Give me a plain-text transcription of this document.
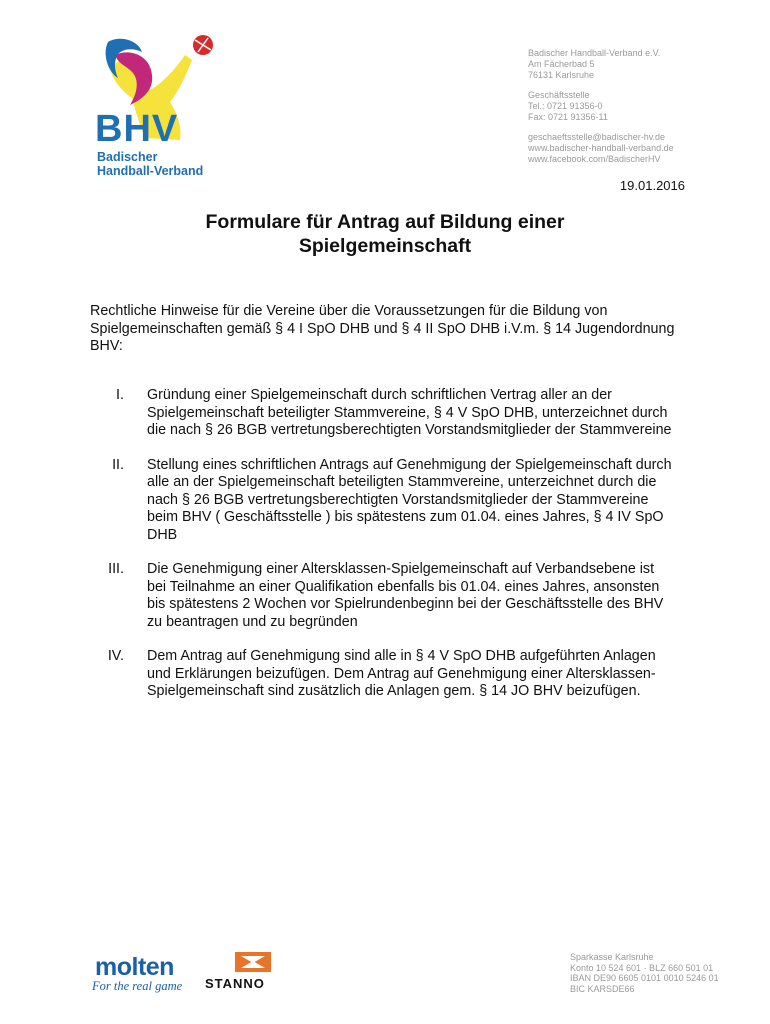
BHV
Badischer
Handball-Verband
Badischer Handball-Verband e.V.
Am Fächerbad 5
76131 Karlsruhe
Geschäftsstelle
Tel.: 0721 91356-0
Fax: 0721 91356-11
geschaeftsstelle@badischer-hv.de
www.badischer-handball-verband.de
www.facebook.com/BadischerHV
19.01.2016
Formulare für Antrag auf Bildung einer
Spielgemeinschaft
Rechtliche Hinweise für die Vereine über die Voraussetzungen für die Bildung von Spielgemeinschaften gemäß § 4 I SpO DHB und § 4 II SpO DHB i.V.m. § 14 Jugendordnung BHV:
I. Gründung einer Spielgemeinschaft durch schriftlichen Vertrag aller an der Spielgemeinschaft beteiligter Stammvereine, § 4 V SpO DHB, unterzeichnet durch die nach § 26 BGB vertretungsberechtigten Vorstandsmitglieder der Stammvereine
II. Stellung eines schriftlichen Antrags auf Genehmigung der Spielgemeinschaft durch alle an der Spielgemeinschaft beteiligten Stammvereine, unterzeichnet durch die nach § 26 BGB vertretungsberechtigten Vorstandsmitglieder der Stammvereine beim BHV ( Geschäftsstelle ) bis spätestens zum 01.04. eines Jahres, § 4 IV SpO DHB
III. Die Genehmigung einer Altersklassen-Spielgemeinschaft auf Verbandsebene ist bei Teilnahme an einer Qualifikation ebenfalls bis 01.04. eines Jahres, ansonsten bis spätestens 2 Wochen vor Spielrundenbeginn bei der Geschäftsstelle des BHV zu beantragen und zu begründen
IV. Dem Antrag auf Genehmigung sind alle in § 4 V SpO DHB aufgeführten Anlagen und Erklärungen beizufügen. Dem Antrag auf Genehmigung einer Altersklassen-Spielgemeinschaft sind zusätzlich die Anlagen gem. § 14 JO BHV beizufügen.
molten
For the real game STANNO
Sparkasse Karlsruhe
Konto 10 524 601 · BLZ 660 501 01
IBAN DE90 6605 0101 0010 5246 01
BIC KARSDE66
